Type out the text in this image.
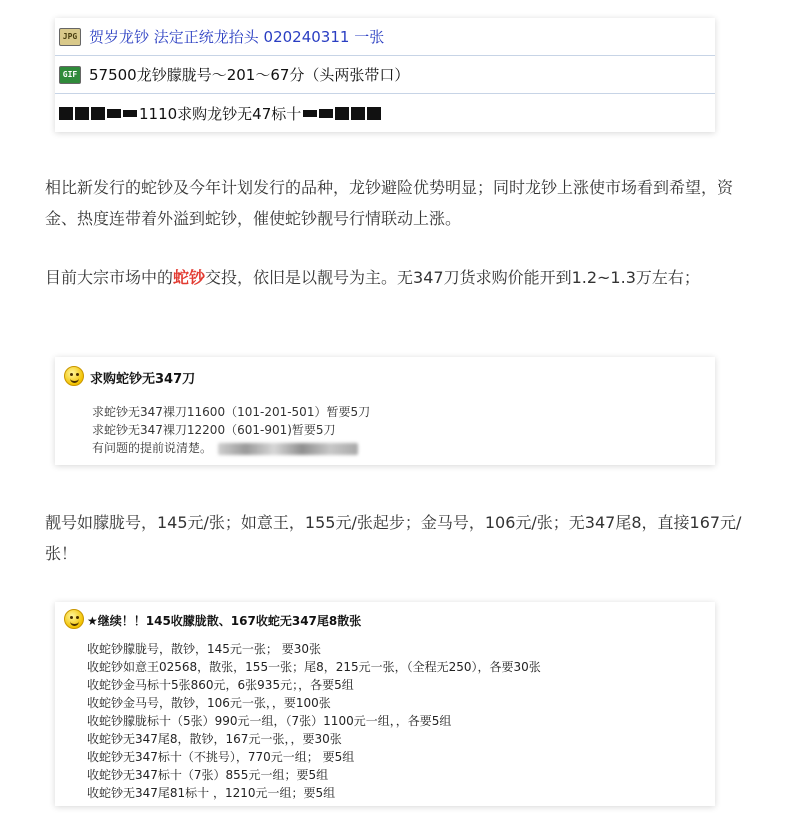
JPG 贺岁龙钞 法定正统龙抬头 020240311 一张
GIF 57500龙钞朦胧号～201～67分（头两张带口）
1110求购龙钞无47标十

相比新发行的蛇钞及今年计划发行的品种，龙钞避险优势明显；同时龙钞上涨使市场看到希望，资金、热度连带着外溢到蛇钞，催使蛇钞靓号行情联动上涨。

目前大宗市场中的蛇钞交投，依旧是以靓号为主。无347刀货求购价能开到1.2~1.3万左右；

求购蛇钞无347刀
求蛇钞无347裸刀11600（101-201-501）暂要5刀
求蛇钞无347裸刀12200（601-901)暂要5刀
有问题的提前说清楚。

靓号如朦胧号，145元/张；如意王，155元/张起步；金马号，106元/张；无347尾8，直接167元/张！

★继续！！145收朦胧散、167收蛇无347尾8散张
收蛇钞朦胧号，散钞，145元一张； 要30张
收蛇钞如意王02568，散张，155一张；尾8，215元一张，（全程无250），各要30张
收蛇钞金马标十5张860元，6张935元；，各要5组
收蛇钞金马号，散钞，106元一张，，要100张
收蛇钞朦胧标十（5张）990元一组，（7张）1100元一组，，各要5组
收蛇钞无347尾8，散钞，167元一张，，要30张
收蛇钞无347标十（不挑号），770元一组； 要5组
收蛇钞无347标十（7张）855元一组；要5组
收蛇钞无347尾81标十 ，1210元一组；要5组
